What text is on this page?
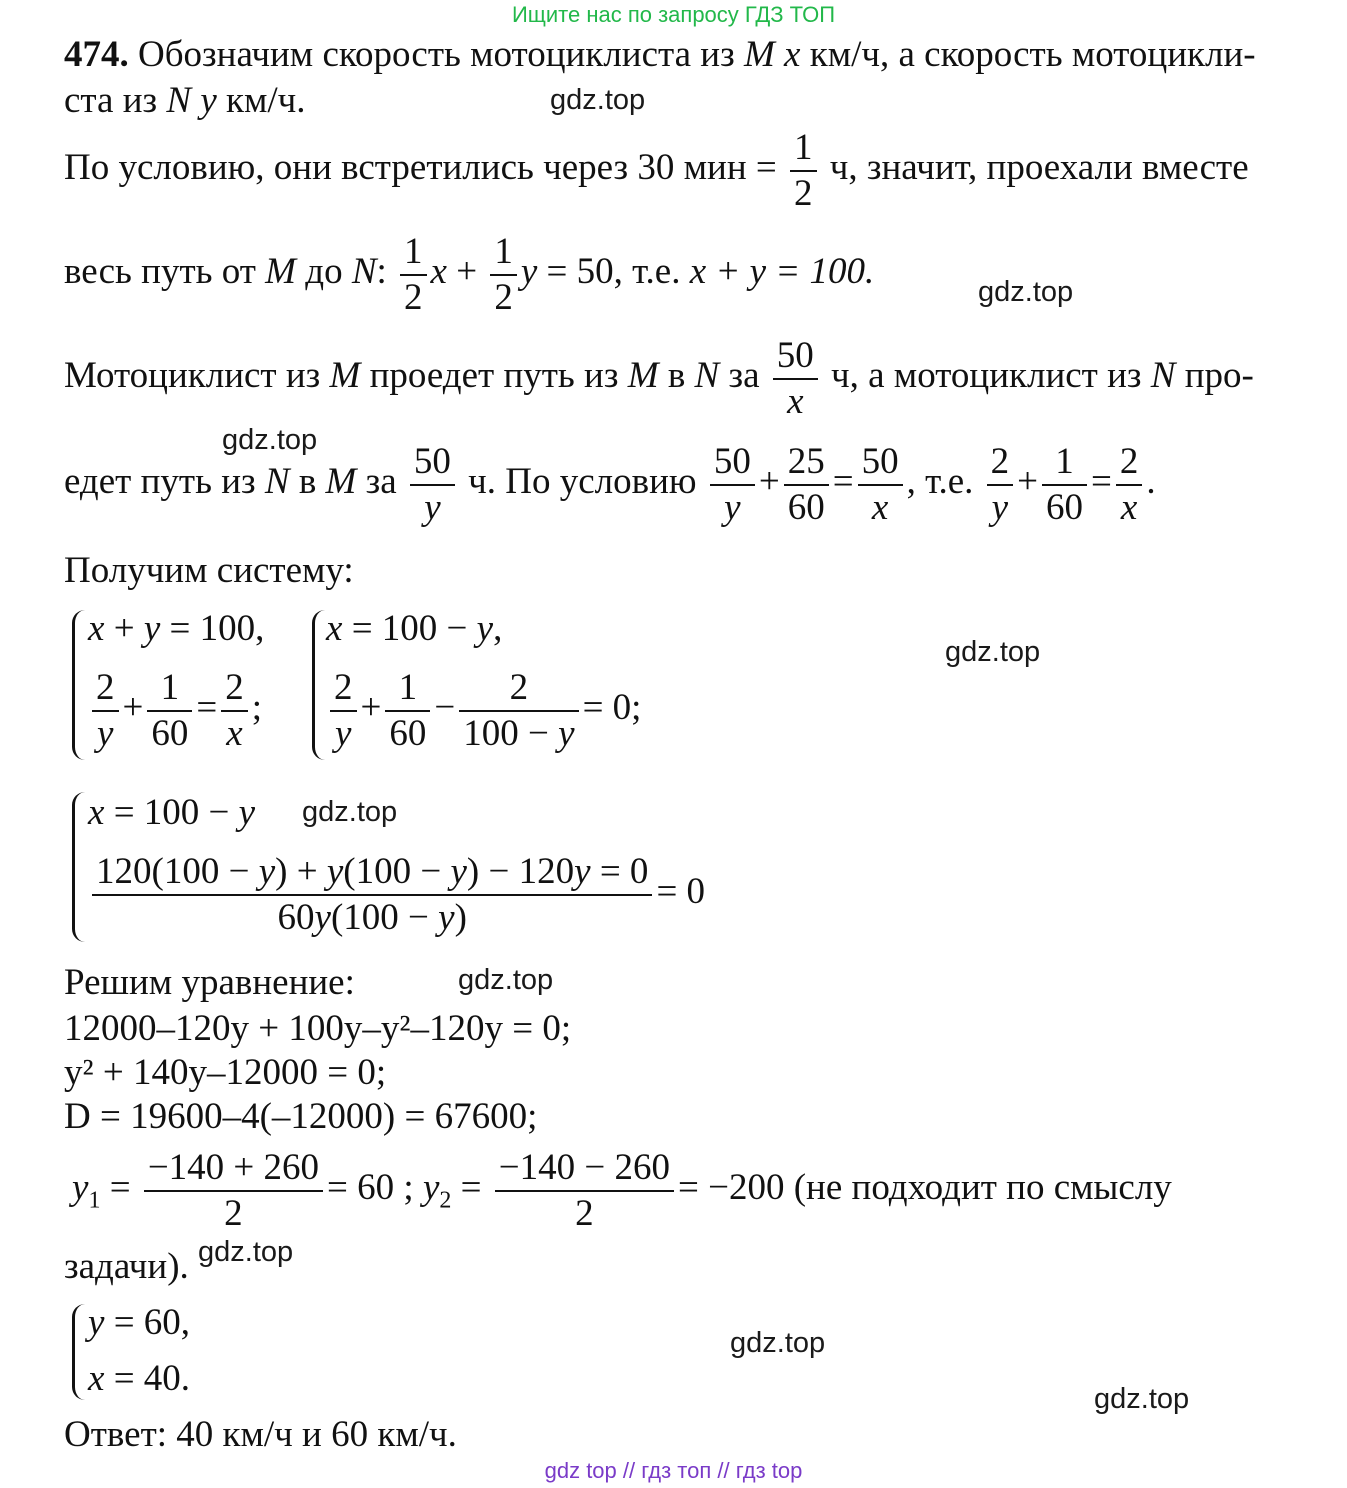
Ищите нас по запросу ГДЗ ТОП
gdz top // гдз топ // гдз top
gdz.top
gdz.top
gdz.top
gdz.top
gdz.top
gdz.top
gdz.top
gdz.top
gdz.top
474. Обозначим скорость мотоциклиста из M x км/ч, а скорость мотоцикли-
ста из N y км/ч.
По условию, они встретились через 30 мин = $\frac{1}{2} ч$, значит, проехали вместе
весь путь от M до N: $\frac{1}{2}$ $x + \frac{1}{2}$ y = 50, т.е. x + y = 100.
Мотоциклист из M проедет путь из M в N за $\frac{50}{x} ч$, а мотоциклист из N про-
едет путь из N в M за $\frac{50}{y} ч$. По условию $\frac{50}{y} + \frac{25}{60} = \frac{50}{x}$ , т.е. $\frac{2}{y} + \frac{1}{60} = \frac{2}{x}$ .
Получим систему:
x + y = 100,
$\frac{2}{y} + \frac{1}{60} = \frac{2}{x}$ ;
x = 100 − y,
$\frac{2}{y} + \frac{1}{60} - \frac{2}{100 - y} = 0$;
x = 100 − y
$\frac{120(100 - y) + y(100 - y) - 120y = 0}{60y(100 - y)} = 0$
Решим уравнение:
12000–120y + 100y–y²–120y = 0;
y² + 140y–12000 = 0;
D = 19600–4(–12000) = 67600;
$y_1 = \frac{-140 + 260}{2} = 60$ ; $y_2 = \frac{-140 - 260}{2} = -200$ (не подходит по смыслу
задачи).
y = 60,
x = 40.
Ответ: 40 км/ч и 60 км/ч.
